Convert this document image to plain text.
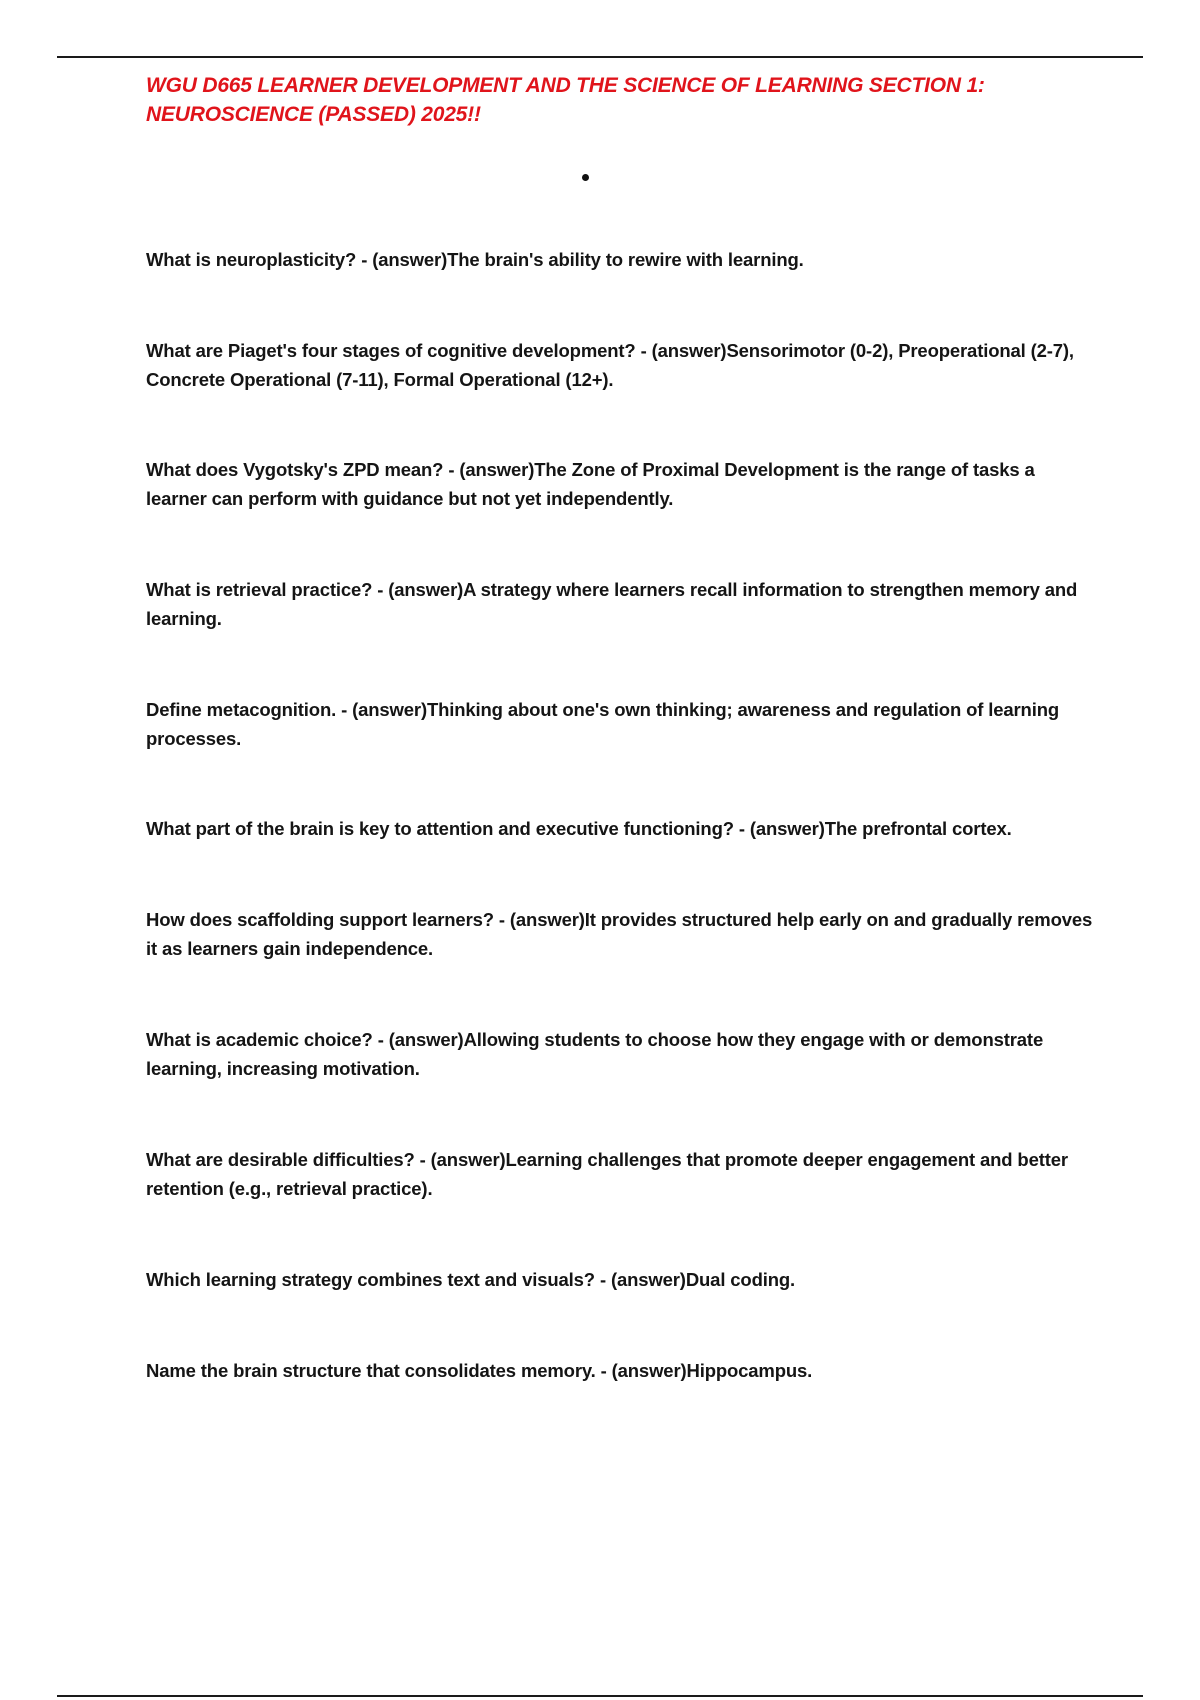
WGU D665 LEARNER DEVELOPMENT AND THE SCIENCE OF LEARNING SECTION 1: NEUROSCIENCE (PASSED) 2025!!

What is neuroplasticity? - (answer)The brain's ability to rewire with learning.

What are Piaget's four stages of cognitive development? - (answer)Sensorimotor (0-2), Preoperational (2-7), Concrete Operational (7-11), Formal Operational (12+).

What does Vygotsky's ZPD mean? - (answer)The Zone of Proximal Development is the range of tasks a learner can perform with guidance but not yet independently.

What is retrieval practice? - (answer)A strategy where learners recall information to strengthen memory and learning.

Define metacognition. - (answer)Thinking about one's own thinking; awareness and regulation of learning processes.

What part of the brain is key to attention and executive functioning? - (answer)The prefrontal cortex.

How does scaffolding support learners? - (answer)It provides structured help early on and gradually removes it as learners gain independence.

What is academic choice? - (answer)Allowing students to choose how they engage with or demonstrate learning, increasing motivation.

What are desirable difficulties? - (answer)Learning challenges that promote deeper engagement and better retention (e.g., retrieval practice).

Which learning strategy combines text and visuals? - (answer)Dual coding.

Name the brain structure that consolidates memory. - (answer)Hippocampus.
